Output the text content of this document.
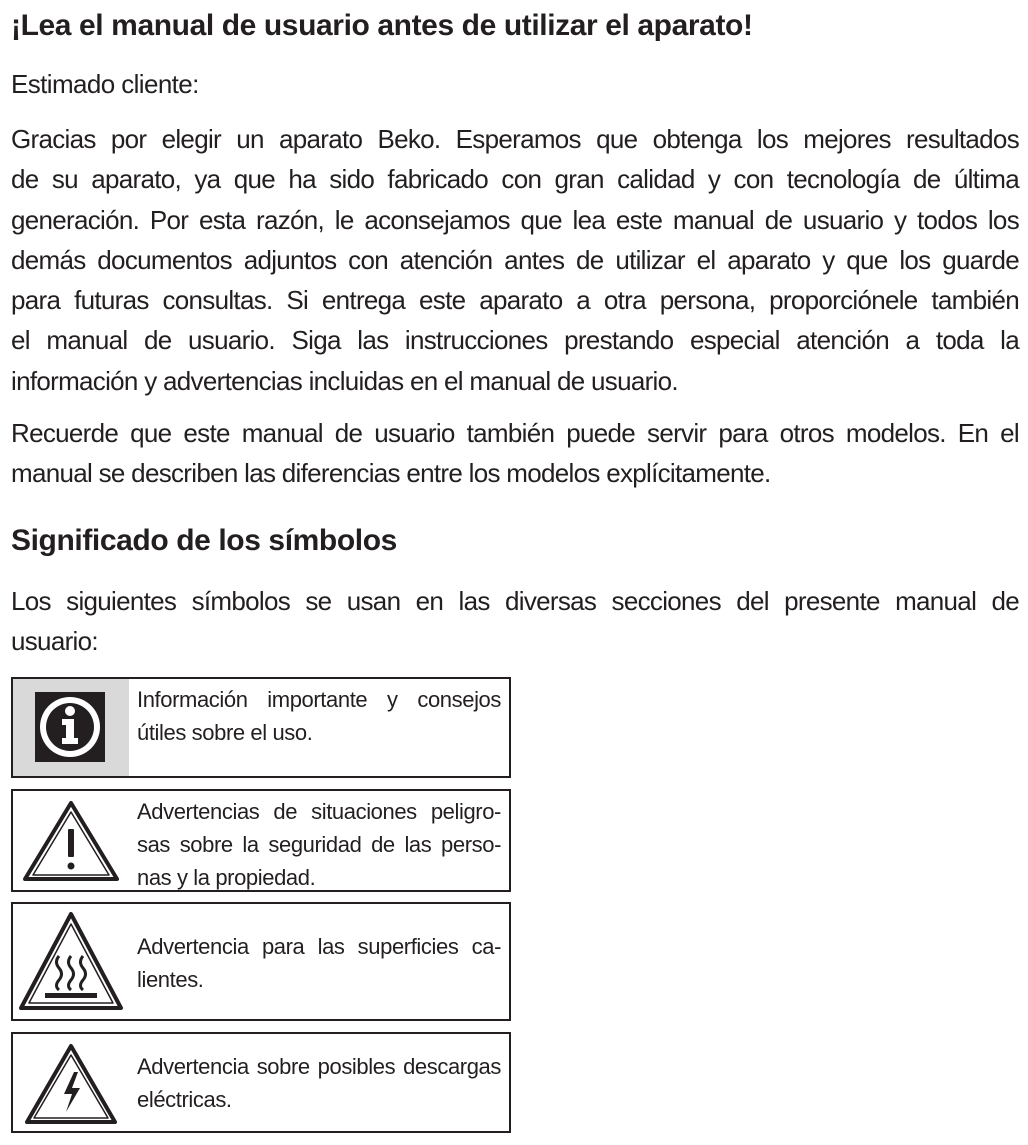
¡Lea el manual de usuario antes de utilizar el aparato!
Estimado cliente:

Gracias por elegir un aparato Beko. Esperamos que obtenga los mejores resultados
de su aparato, ya que ha sido fabricado con gran calidad y con tecnología de última
generación. Por esta razón, le aconsejamos que lea este manual de usuario y todos los
demás documentos adjuntos con atención antes de utilizar el aparato y que los guarde
para futuras consultas. Si entrega este aparato a otra persona, proporciónele también
el manual de usuario. Siga las instrucciones prestando especial atención a toda la
información y advertencias incluidas en el manual de usuario.

Recuerde que este manual de usuario también puede servir para otros modelos. En el
manual se describen las diferencias entre los modelos explícitamente.

Significado de los símbolos

Los siguientes símbolos se usan en las diversas secciones del presente manual de
usuario:

Información importante y consejos
útiles sobre el uso.
Advertencias de situaciones peligro-
sas sobre la seguridad de las perso-
nas y la propiedad.
Advertencia para las superficies ca-
lientes.
Advertencia sobre posibles descargas
eléctricas.
